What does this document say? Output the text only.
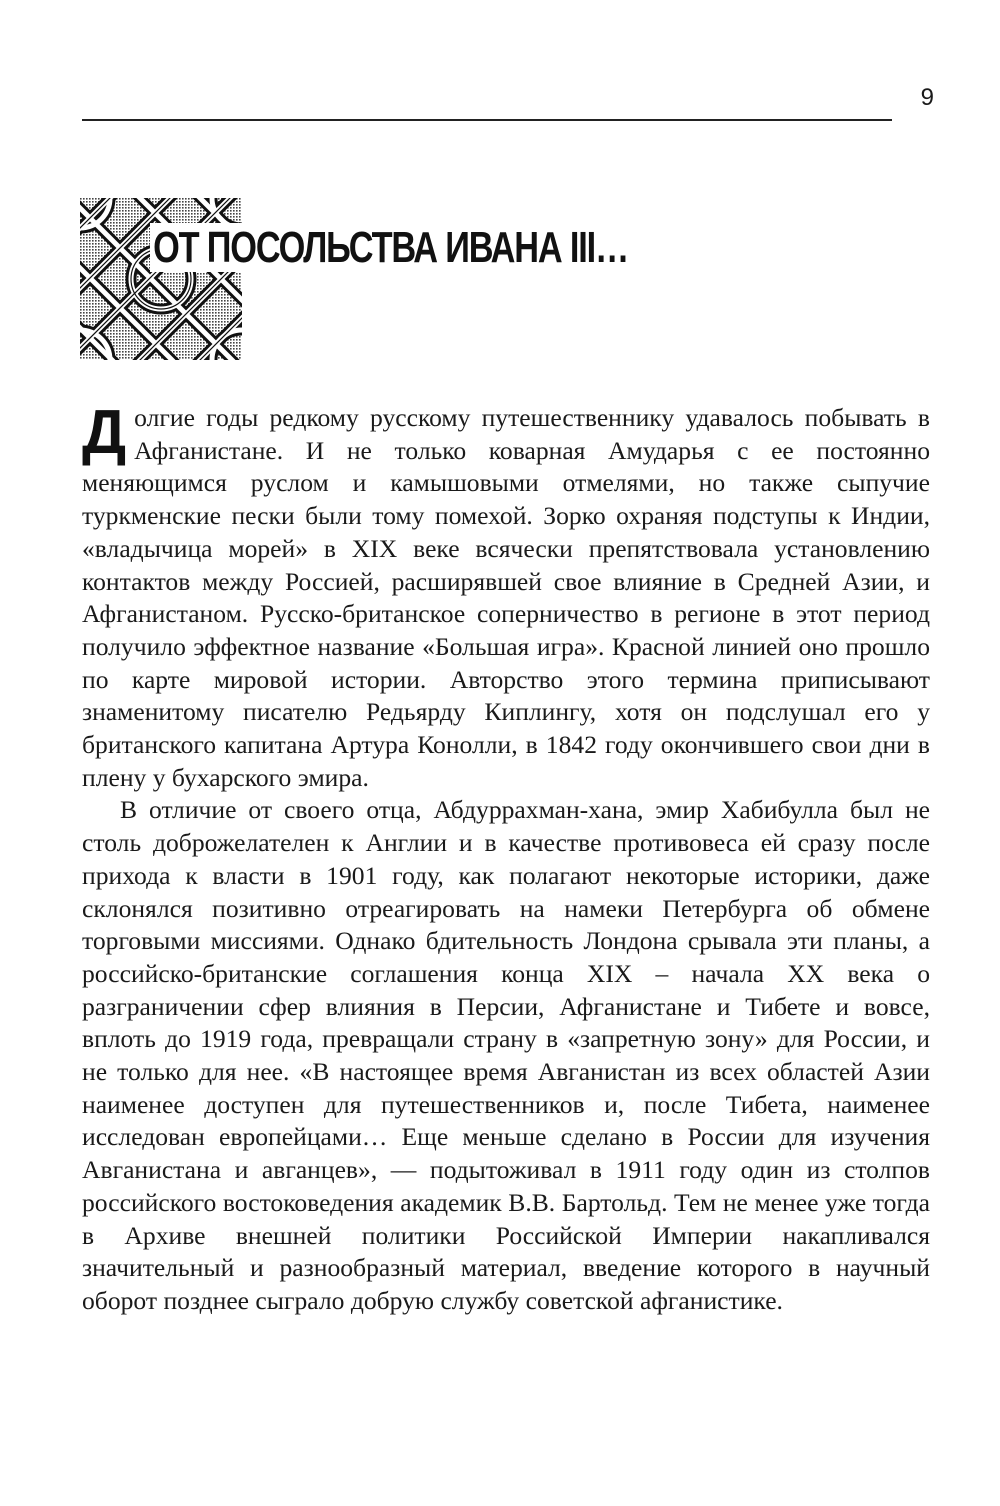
9
ОТ ПОСОЛЬСТВА ИВАНА III…

Долгие годы редкому русскому путешественнику удавалось побывать в Афганистане. И не только коварная Амударья с ее постоянно меняющимся руслом и камышовыми отмелями, но также сыпучие туркменские пески были тому помехой. Зорко охраняя подступы к Индии, «владычица морей» в XIX веке всячески препятствовала установлению контактов между Россией, расширявшей свое влияние в Средней Азии, и Афганистаном. Русско-британское соперничество в регионе в этот период получило эффектное название «Большая игра». Красной линией оно прошло по карте мировой истории. Авторство этого термина приписывают знаменитому писателю Редьярду Киплингу, хотя он подслушал его у британского капитана Артура Конолли, в 1842 году окончившего свои дни в плену у бухарского эмира.

В отличие от своего отца, Абдуррахман-хана, эмир Хабибулла был не столь доброжелателен к Англии и в качестве противовеса ей сразу после прихода к власти в 1901 году, как полагают некоторые историки, даже склонялся позитивно отреагировать на намеки Петербурга об обмене торговыми миссиями. Однако бдительность Лондона срывала эти планы, а российско-британские соглашения конца XIX – начала XX века о разграничении сфер влияния в Персии, Афганистане и Тибете и вовсе, вплоть до 1919 года, превращали страну в «запретную зону» для России, и не только для нее. «В настоящее время Авганистан из всех областей Азии наименее доступен для путешественников и, после Тибета, наименее исследован европейцами… Еще меньше сделано в России для изучения Авганистана и авганцев», — подытоживал в 1911 году один из столпов российского востоковедения академик В.В. Бартольд. Тем не менее уже тогда в Архиве внешней политики Российской Империи накапливался значительный и разнообразный материал, введение которого в научный оборот позднее сыграло добрую службу советской афганистике.
